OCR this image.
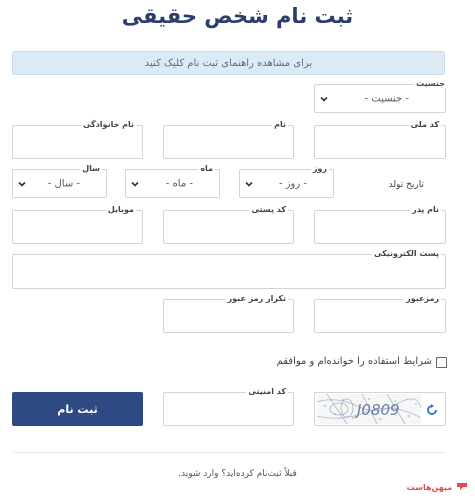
ثبت نام شخص حقیقی
برای مشاهده راهنمای ثبت نام کلیک کنید
- جنسیت -
جنسیت
کد ملی
نام
نام خانوادگی
تاریخ تولد
- روز -
روز
- ماه -
ماه
- سال -
سال
نام پدر
کد پستی
موبایل
پست الکترونیکی
رمزعبور
تکرار رمز عبور
شرایط استفاده را خوانده‌ام و موافقم
ثبت نام
کد امنیتی
J0809
قبلاً ثبت‌نام کرده‌اید؟ وارد شوید.
میهن‌هاست
